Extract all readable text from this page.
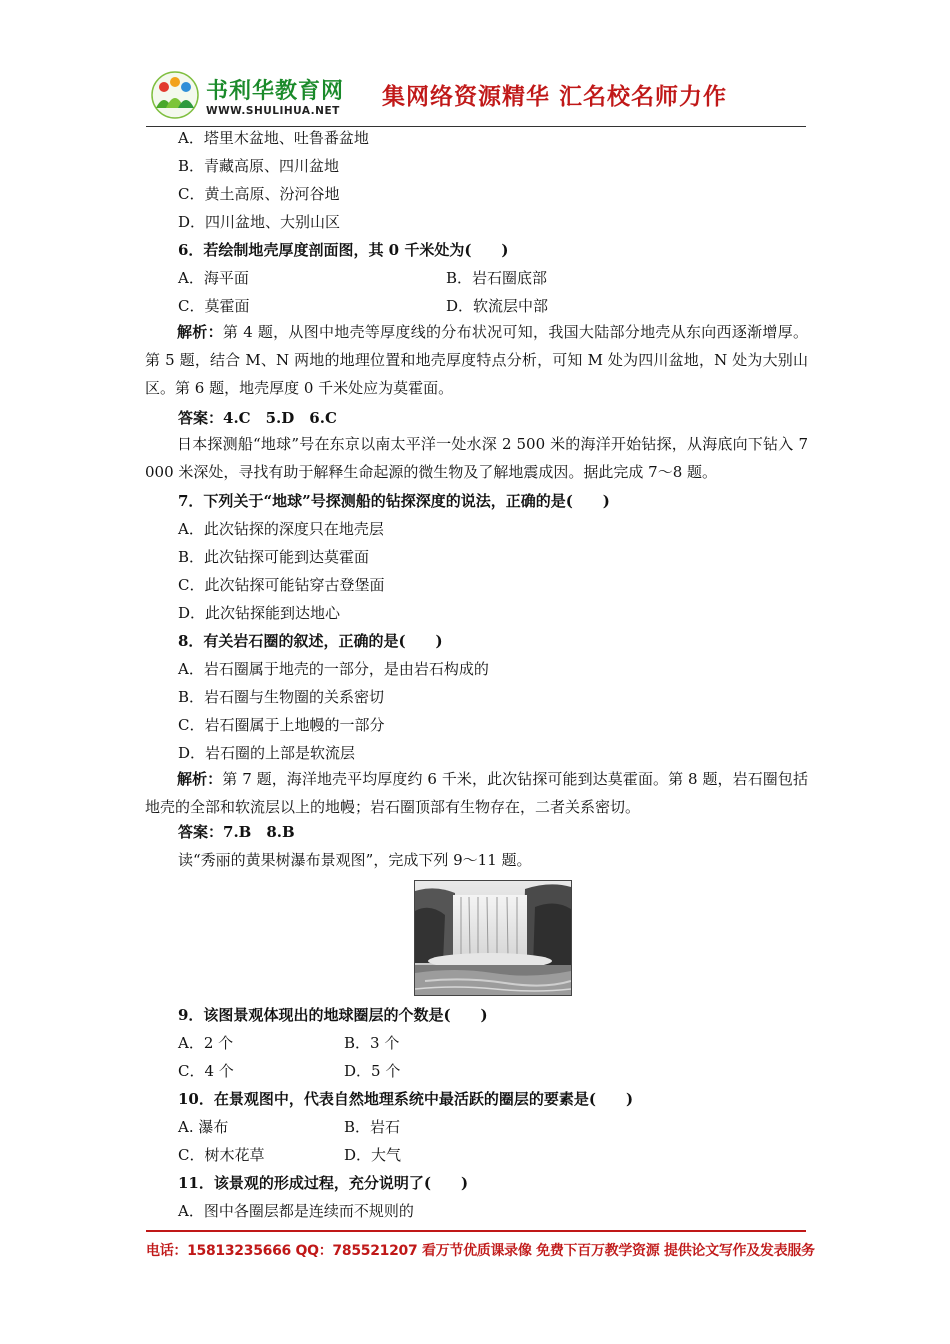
书利华教育网
WWW.SHULIHUA.NET
集网络资源精华 汇名校名师力作
A．塔里木盆地、吐鲁番盆地
B．青藏高原、四川盆地
C．黄土高原、汾河谷地
D．四川盆地、大别山区
6．若绘制地壳厚度剖面图，其 0 千米处为(　　)
A．海平面	B．岩石圈底部
C．莫霍面	D．软流层中部
解析：第 4 题，从图中地壳等厚度线的分布状况可知，我国大陆部分地壳从东向西逐渐增厚。第 5 题，结合 M、N 两地的地理位置和地壳厚度特点分析，可知 M 处为四川盆地，N 处为大别山区。第 6 题，地壳厚度 0 千米处应为莫霍面。
答案：4.C　5.D　6.C
日本探测船“地球”号在东京以南太平洋一处水深 2 500 米的海洋开始钻探，从海底向下钻入 7 000 米深处，寻找有助于解释生命起源的微生物及了解地震成因。据此完成 7～8 题。
7．下列关于“地球”号探测船的钻探深度的说法，正确的是(　　)
A．此次钻探的深度只在地壳层
B．此次钻探可能到达莫霍面
C．此次钻探可能钻穿古登堡面
D．此次钻探能到达地心
8．有关岩石圈的叙述，正确的是(　　)
A．岩石圈属于地壳的一部分，是由岩石构成的
B．岩石圈与生物圈的关系密切
C．岩石圈属于上地幔的一部分
D．岩石圈的上部是软流层
解析：第 7 题，海洋地壳平均厚度约 6 千米，此次钻探可能到达莫霍面。第 8 题，岩石圈包括地壳的全部和软流层以上的地幔；岩石圈顶部有生物存在，二者关系密切。
答案：7.B　8.B
读“秀丽的黄果树瀑布景观图”，完成下列 9～11 题。
9．该图景观体现出的地球圈层的个数是(　　)
A．2 个	B．3 个
C．4 个	D．5 个
10．在景观图中，代表自然地理系统中最活跃的圈层的要素是(　　)
A. 瀑布	B．岩石
C．树木花草	D．大气
11．该景观的形成过程，充分说明了(　　)
A．图中各圈层都是连续而不规则的
电话：15813235666 QQ：785521207 看万节优质课录像 免费下百万教学资源 提供论文写作及发表服务
